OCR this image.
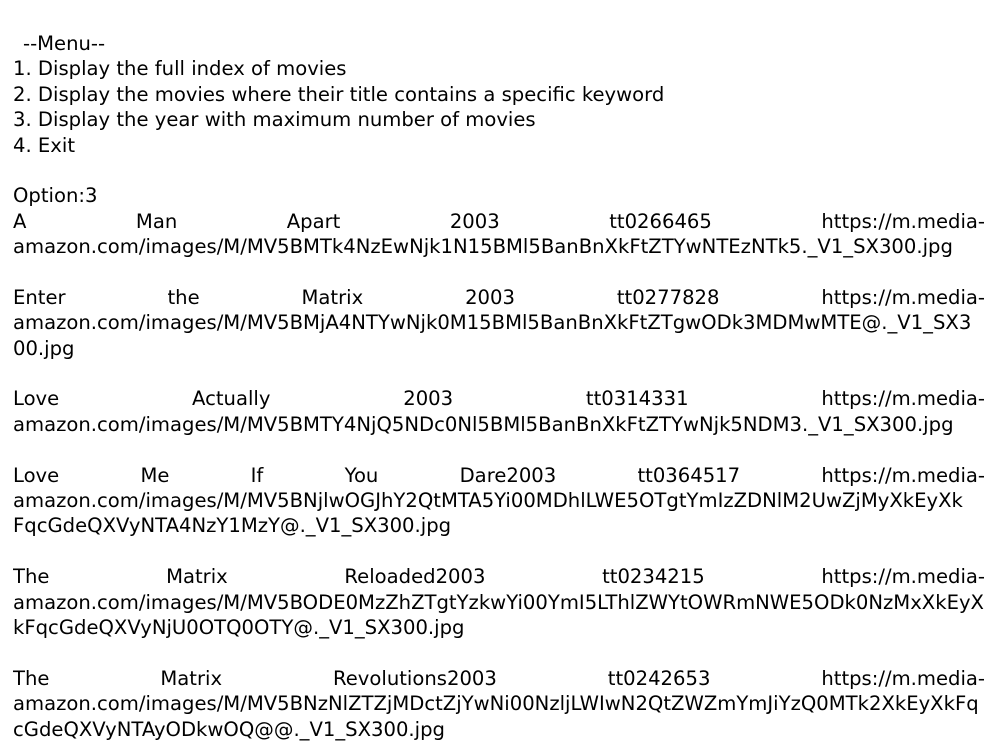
--Menu--
1. Display the full index of movies
2. Display the movies where their title contains a specific keyword
3. Display the year with maximum number of movies
4. Exit
Option:3
A Man Apart 2003 tt0266465 https://m.media-
amazon.com/images/M/MV5BMTk4NzEwNjk1N15BMl5BanBnXkFtZTYwNTEzNTk5._V1_SX300.jpg
Enter the Matrix 2003 tt0277828 https://m.media-
amazon.com/images/M/MV5BMjA4NTYwNjk0M15BMl5BanBnXkFtZTgwODk3MDMwMTE@._V1_SX3
00.jpg
Love Actually 2003 tt0314331 https://m.media-
amazon.com/images/M/MV5BMTY4NjQ5NDc0Nl5BMl5BanBnXkFtZTYwNjk5NDM3._V1_SX300.jpg
Love Me If You Dare2003 tt0364517 https://m.media-
amazon.com/images/M/MV5BNjlwOGJhY2QtMTA5Yi00MDhlLWE5OTgtYmIzZDNlM2UwZjMyXkEyXk
FqcGdeQXVyNTA4NzY1MzY@._V1_SX300.jpg
The Matrix Reloaded2003 tt0234215 https://m.media-
amazon.com/images/M/MV5BODE0MzZhZTgtYzkwYi00YmI5LThlZWYtOWRmNWE5ODk0NzMxXkEyX
kFqcGdeQXVyNjU0OTQ0OTY@._V1_SX300.jpg
The Matrix Revolutions2003 tt0242653 https://m.media-
amazon.com/images/M/MV5BNzNlZTZjMDctZjYwNi00NzljLWIwN2QtZWZmYmJiYzQ0MTk2XkEyXkFq
cGdeQXVyNTAyODkwOQ@@._V1_SX300.jpg
